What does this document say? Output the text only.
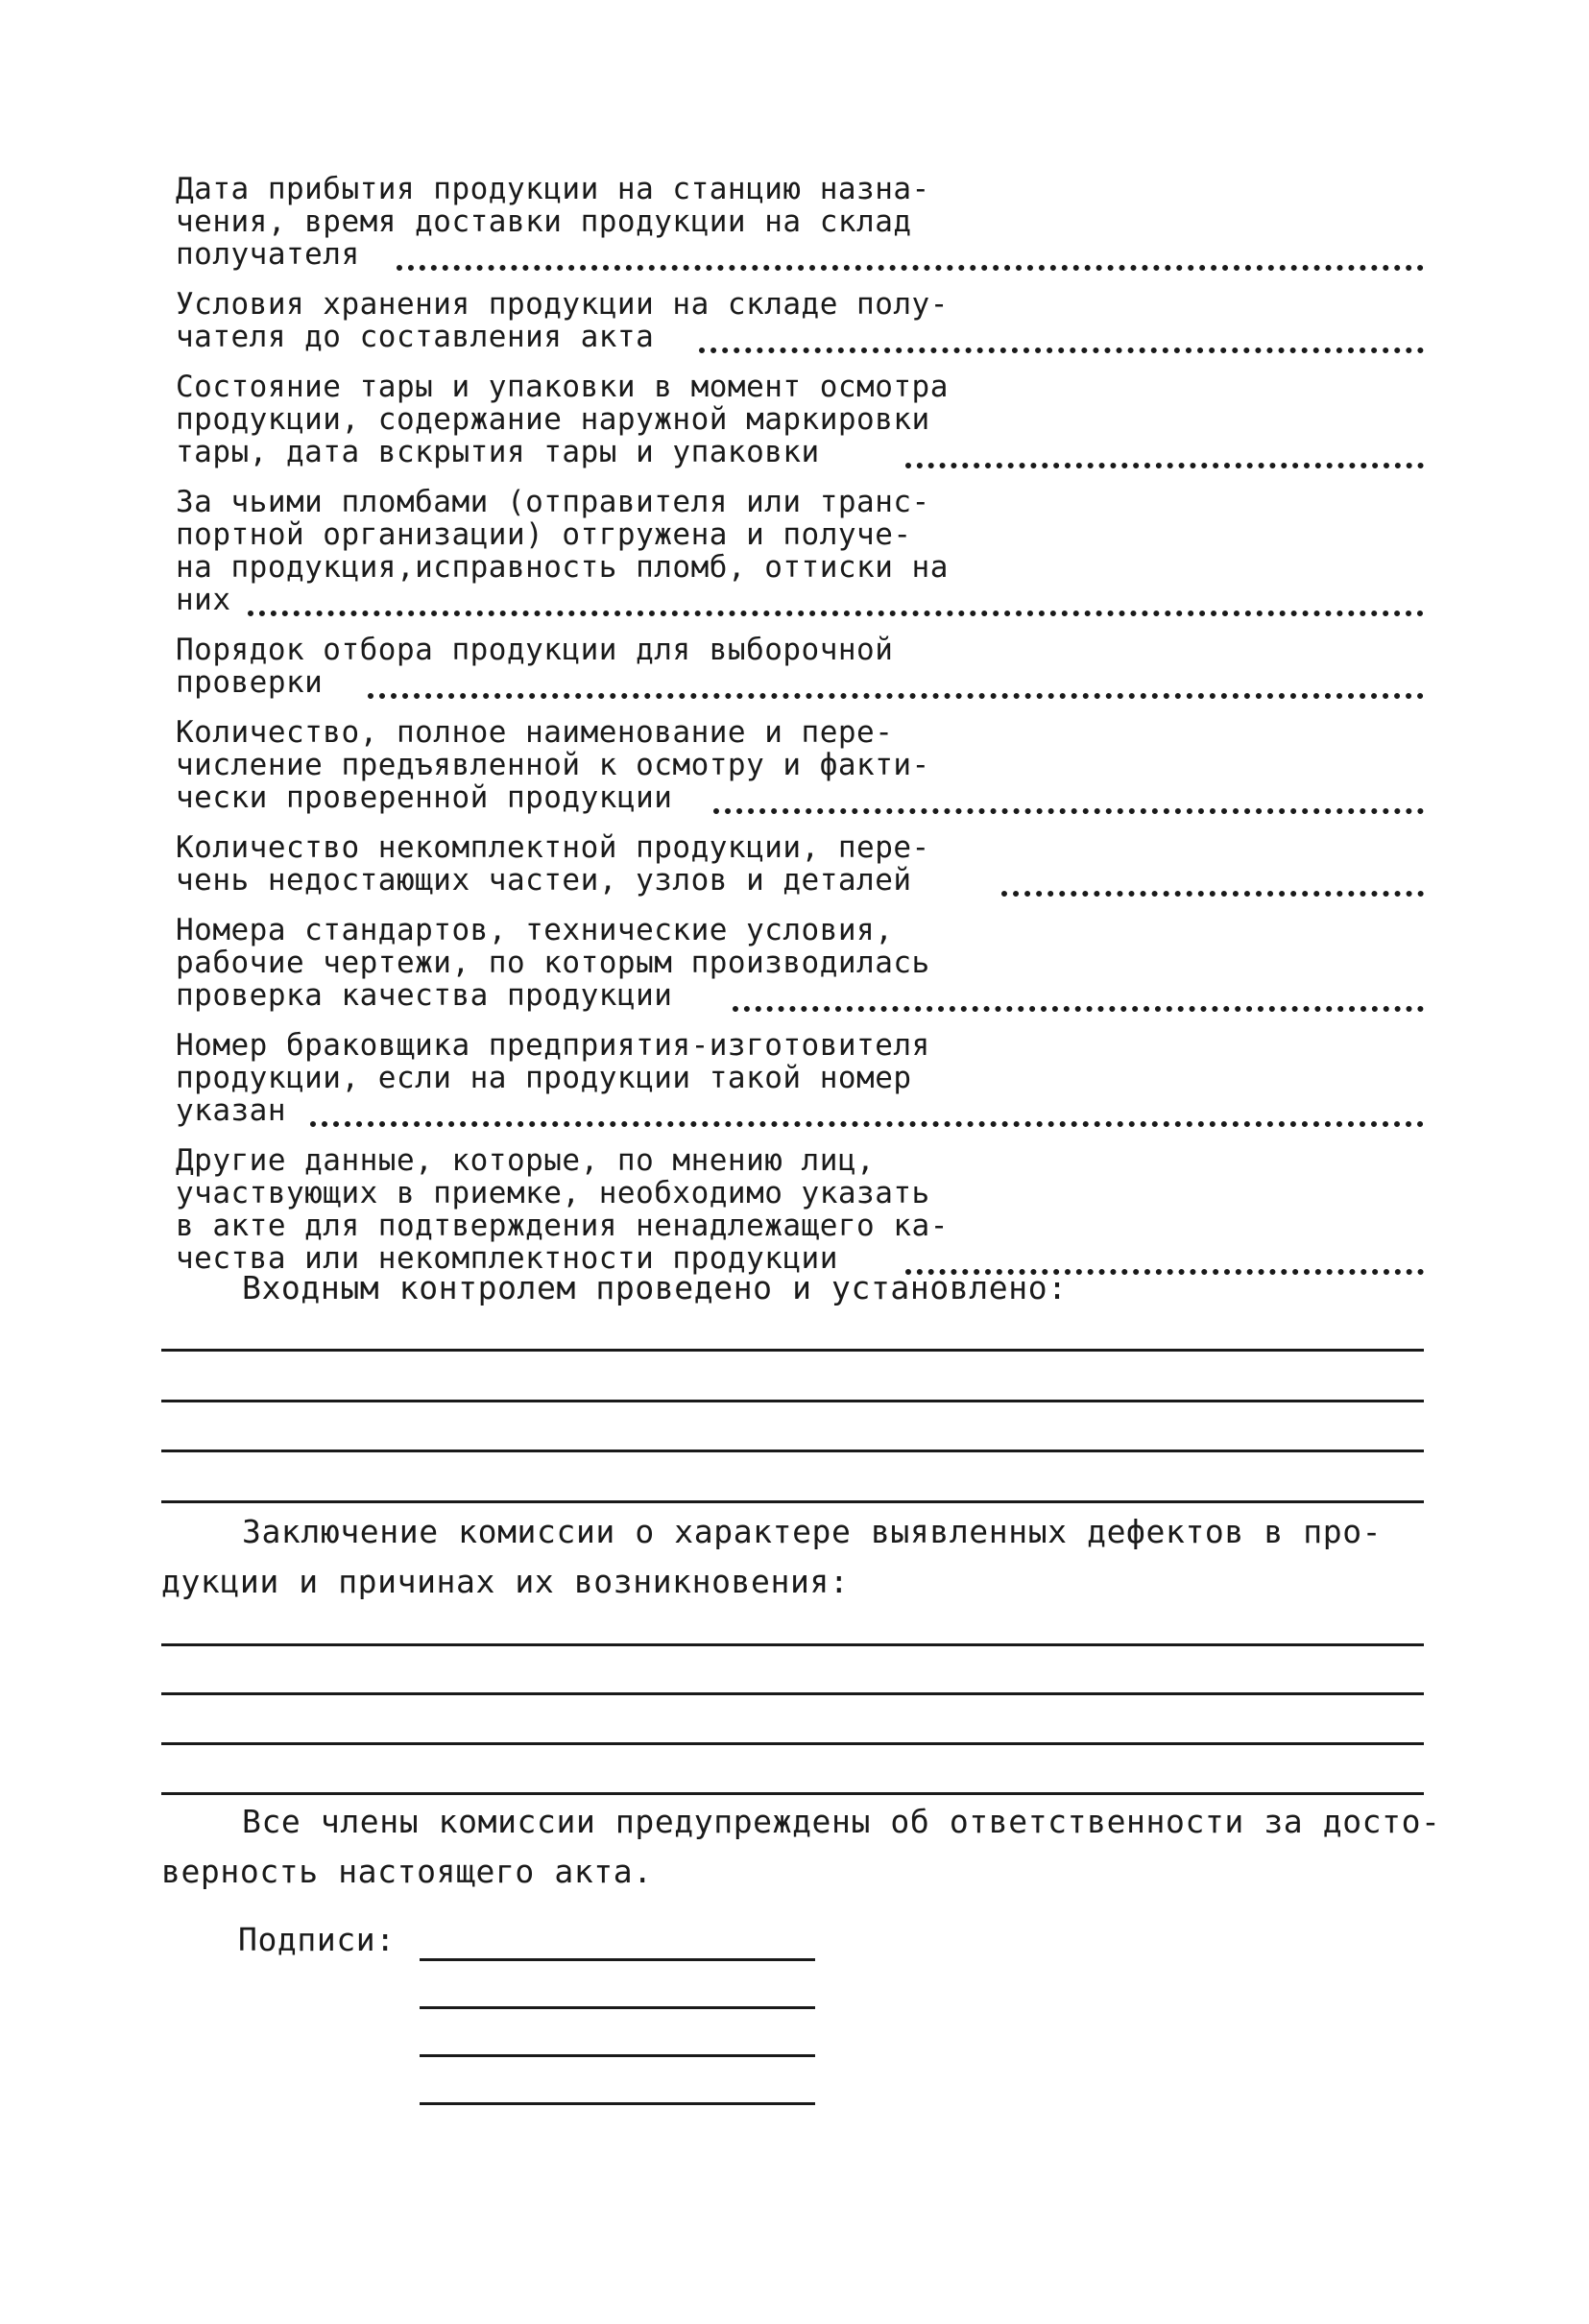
Дата прибытия продукции на станцию назна-
чения, время доставки продукции на склад
получателя
Условия хранения продукции на складе полу-
чателя до составления акта
Состояние тары и упаковки в момент осмотра
продукции, содержание наружной маркировки
тары, дата вскрытия тары и упаковки
За чьими пломбами (отправителя или транс-
портной организации) отгружена и получе-
на продукция,исправность пломб, оттиски на
них
Порядок отбора продукции для выборочной
проверки
Количество, полное наименование и пере-
числение предъявленной к осмотру и факти-
чески проверенной продукции
Количество некомплектной продукции, пере-
чень недостающих частеи, узлов и деталей
Номера стандартов, технические условия,
рабочие чертежи, по которым производилась
проверка качества продукции
Номер браковщика предприятия-изготовителя
продукции, если на продукции такой номер
указан
Другие данные, которые, по мнению лиц,
участвующих в приемке, необходимо указать
в акте для подтверждения ненадлежащего ка-
чества или некомплектности продукции
Входным контролем проведено и установлено:
Заключение комиссии о характере выявленных дефектов в про-
дукции и причинах их возникновения:
Все члены комиссии предупреждены об ответственности за досто-
верность настоящего акта.
Подписи:
